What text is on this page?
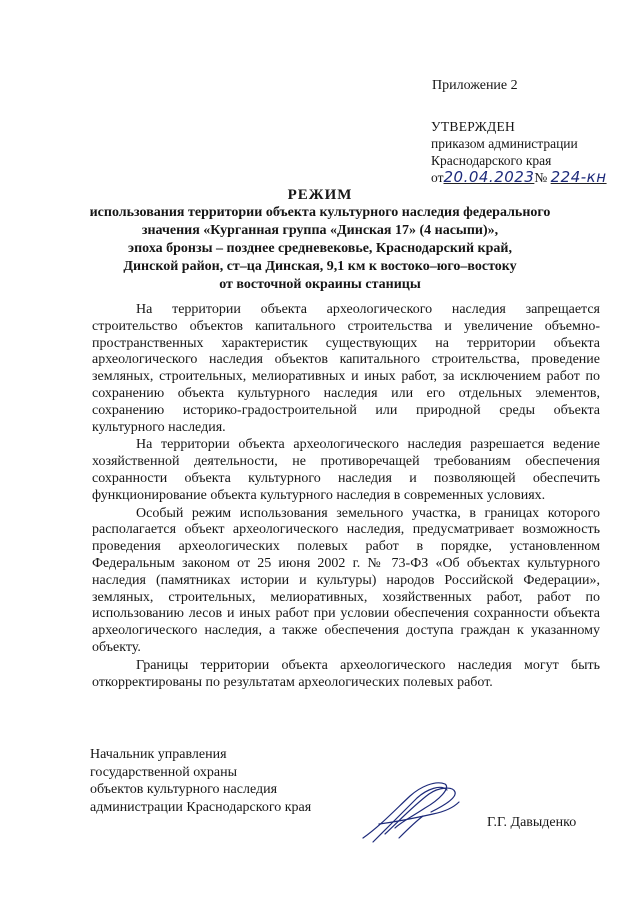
Приложение 2
УТВЕРЖДЕН
приказом администрации
Краснодарского края
от20.04.2023№ 224-кн
РЕЖИМ
использования территории объекта культурного наследия федерального
значения «Курганная группа «Динская 17» (4 насыпи)»,
эпоха бронзы – позднее средневековье, Краснодарский край,
Динской район, ст–ца Динская, 9,1 км к востоко–юго–востоку
от восточной окраины станицы

На территории объекта археологического наследия запрещается строительство объектов капитального строительства и увеличение объемно-пространственных характеристик существующих на территории объекта археологического наследия объектов капитального строительства, проведение земляных, строительных, мелиоративных и иных работ, за исключением работ по сохранению объекта культурного наследия или его отдельных элементов, сохранению историко-градостроительной или природной среды объекта культурного наследия.

На территории объекта археологического наследия разрешается ведение хозяйственной деятельности, не противоречащей требованиям обеспечения сохранности объекта культурного наследия и позволяющей обеспечить функционирование объекта культурного наследия в современных условиях.

Особый режим использования земельного участка, в границах которого располагается объект археологического наследия, предусматривает возможность проведения археологических полевых работ в порядке, установленном Федеральным законом от 25 июня 2002 г. № 73-ФЗ «Об объектах культурного наследия (памятниках истории и культуры) народов Российской Федерации», земляных, строительных, мелиоративных, хозяйственных работ, работ по использованию лесов и иных работ при условии обеспечения сохранности объекта археологического наследия, а также обеспечения доступа граждан к указанному объекту.

Границы территории объекта археологического наследия могут быть откорректированы по результатам археологических полевых работ.

Начальник управления
государственной охраны
объектов культурного наследия
администрации Краснодарского края
Г.Г. Давыденко
